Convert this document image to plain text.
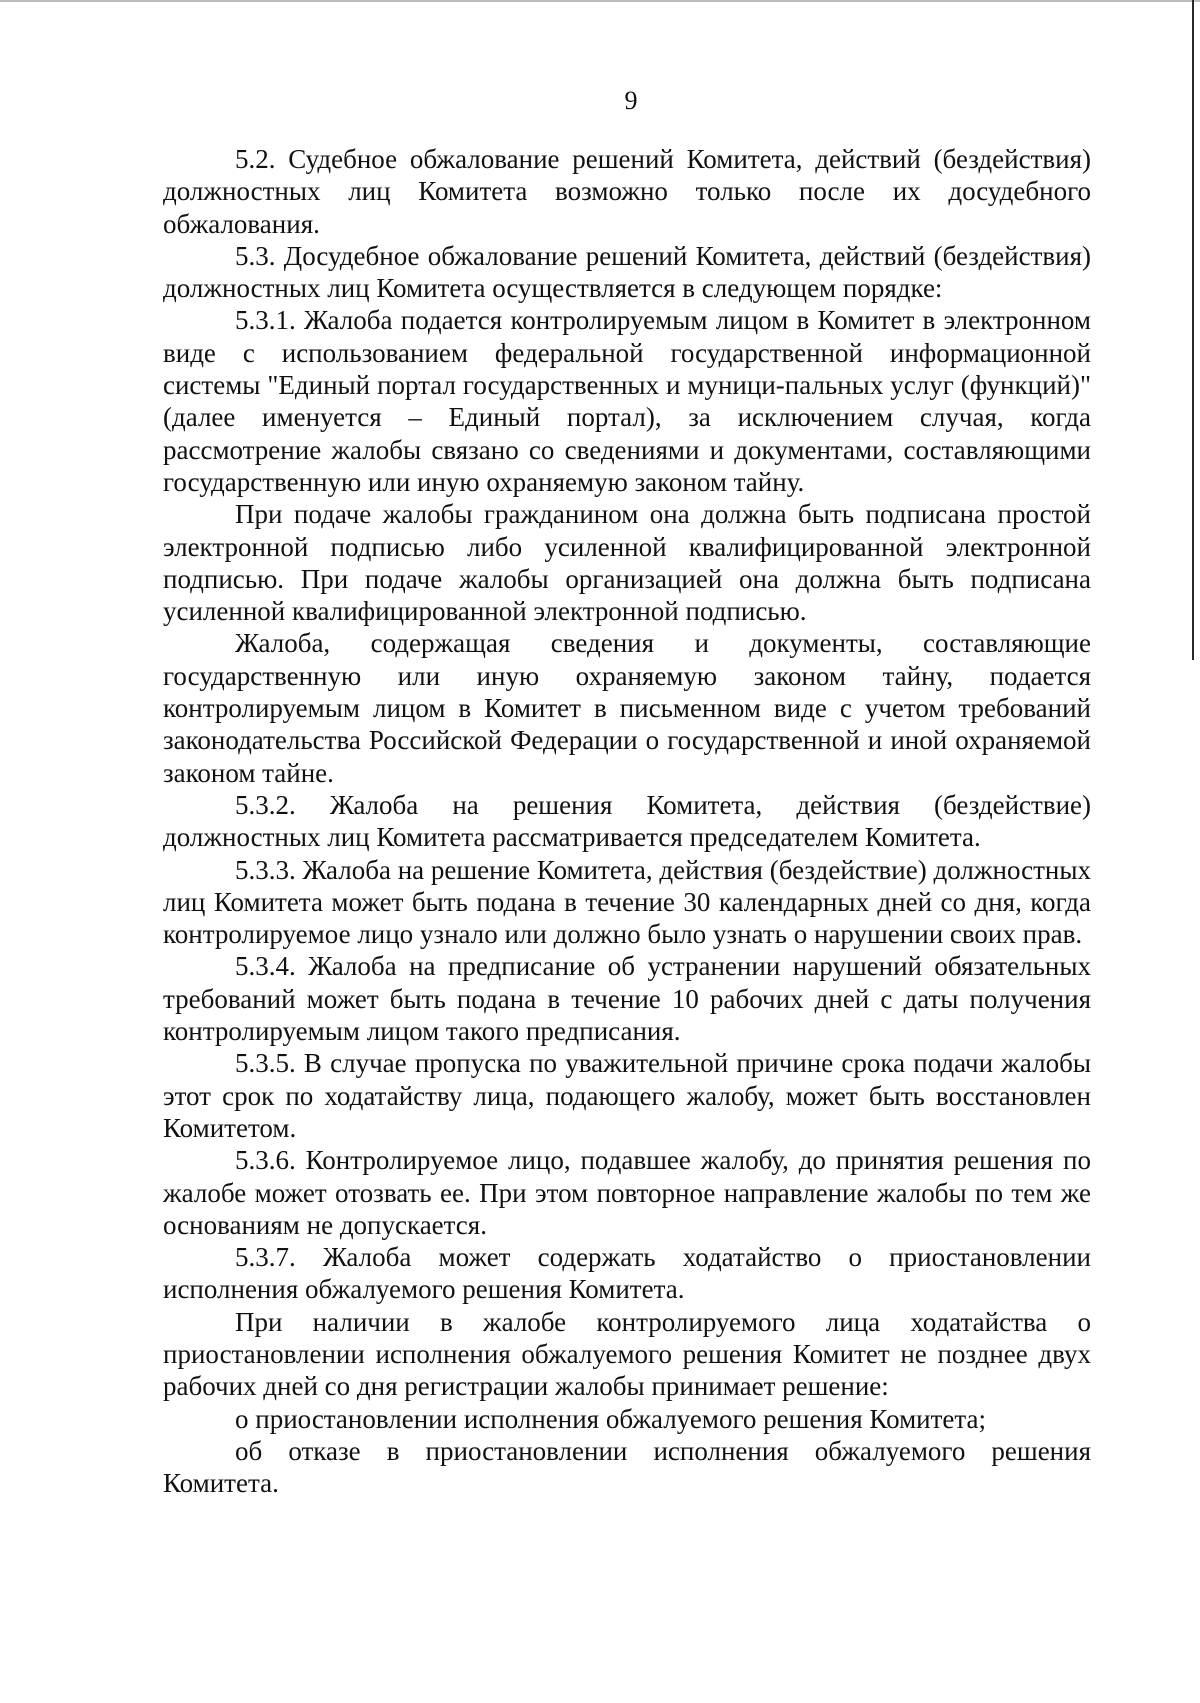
9

5.2. Судебное обжалование решений Комитета, действий (бездействия) должностных лиц Комитета возможно только после их досудебного обжалования.

5.3. Досудебное обжалование решений Комитета, действий (бездействия) должностных лиц Комитета осуществляется в следующем порядке:

5.3.1. Жалоба подается контролируемым лицом в Комитет в электронном виде с использованием федеральной государственной информационной системы "Единый портал государственных и муници-пальных услуг (функций)" (далее именуется – Единый портал), за исключением случая, когда рассмотрение жалобы связано со сведениями и документами, составляющими государственную или иную охраняемую законом тайну.

При подаче жалобы гражданином она должна быть подписана простой электронной подписью либо усиленной квалифицированной электронной подписью. При подаче жалобы организацией она должна быть подписана усиленной квалифицированной электронной подписью.

Жалоба, содержащая сведения и документы, составляющие государственную или иную охраняемую законом тайну, подается контролируемым лицом в Комитет в письменном виде с учетом требований законодательства Российской Федерации о государственной и иной охраняемой законом тайне.

5.3.2. Жалоба на решения Комитета, действия (бездействие) должностных лиц Комитета рассматривается председателем Комитета.

5.3.3. Жалоба на решение Комитета, действия (бездействие) должностных лиц Комитета может быть подана в течение 30 календарных дней со дня, когда контролируемое лицо узнало или должно было узнать о нарушении своих прав.

5.3.4. Жалоба на предписание об устранении нарушений обязательных требований может быть подана в течение 10 рабочих дней с даты получения контролируемым лицом такого предписания.

5.3.5. В случае пропуска по уважительной причине срока подачи жалобы этот срок по ходатайству лица, подающего жалобу, может быть восстановлен Комитетом.

5.3.6. Контролируемое лицо, подавшее жалобу, до принятия решения по жалобе может отозвать ее. При этом повторное направление жалобы по тем же основаниям не допускается.

5.3.7. Жалоба может содержать ходатайство о приостановлении исполнения обжалуемого решения Комитета.

При наличии в жалобе контролируемого лица ходатайства о приостановлении исполнения обжалуемого решения Комитет не позднее двух рабочих дней со дня регистрации жалобы принимает решение:

о приостановлении исполнения обжалуемого решения Комитета;

об отказе в приостановлении исполнения обжалуемого решения Комитета.
